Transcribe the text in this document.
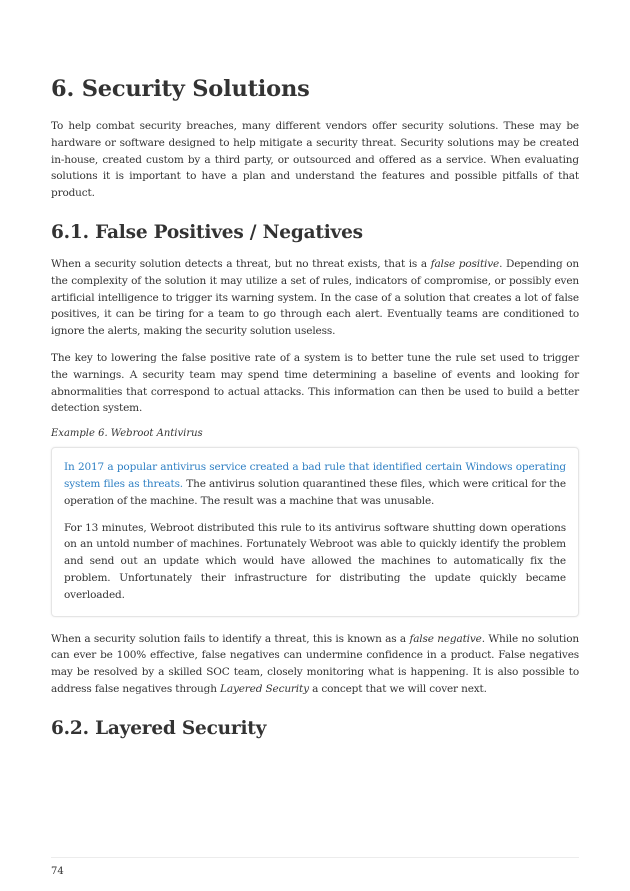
6. Security Solutions

To help combat security breaches, many different vendors offer security solutions. These may be hardware or software designed to help mitigate a security threat. Security solutions may be created in-house, created custom by a third party, or outsourced and offered as a service. When evaluating solutions it is important to have a plan and understand the features and possible pitfalls of that product.

6.1. False Positives / Negatives

When a security solution detects a threat, but no threat exists, that is a false positive. Depending on the complexity of the solution it may utilize a set of rules, indicators of compromise, or possibly even artificial intelligence to trigger its warning system. In the case of a solution that creates a lot of false positives, it can be tiring for a team to go through each alert. Eventually teams are conditioned to ignore the alerts, making the security solution useless.

The key to lowering the false positive rate of a system is to better tune the rule set used to trigger the warnings. A security team may spend time determining a baseline of events and looking for abnormalities that correspond to actual attacks. This information can then be used to build a better detection system.

Example 6. Webroot Antivirus

In 2017 a popular antivirus service created a bad rule that identified certain Windows operating system files as threats. The antivirus solution quarantined these files, which were critical for the operation of the machine. The result was a machine that was unusable.

For 13 minutes, Webroot distributed this rule to its antivirus software shutting down operations on an untold number of machines. Fortunately Webroot was able to quickly identify the problem and send out an update which would have allowed the machines to automatically fix the problem. Unfortunately their infrastructure for distributing the update quickly became overloaded.

When a security solution fails to identify a threat, this is known as a false negative. While no solution can ever be 100% effective, false negatives can undermine confidence in a product. False negatives may be resolved by a skilled SOC team, closely monitoring what is happening. It is also possible to address false negatives through Layered Security a concept that we will cover next.

6.2. Layered Security
74
